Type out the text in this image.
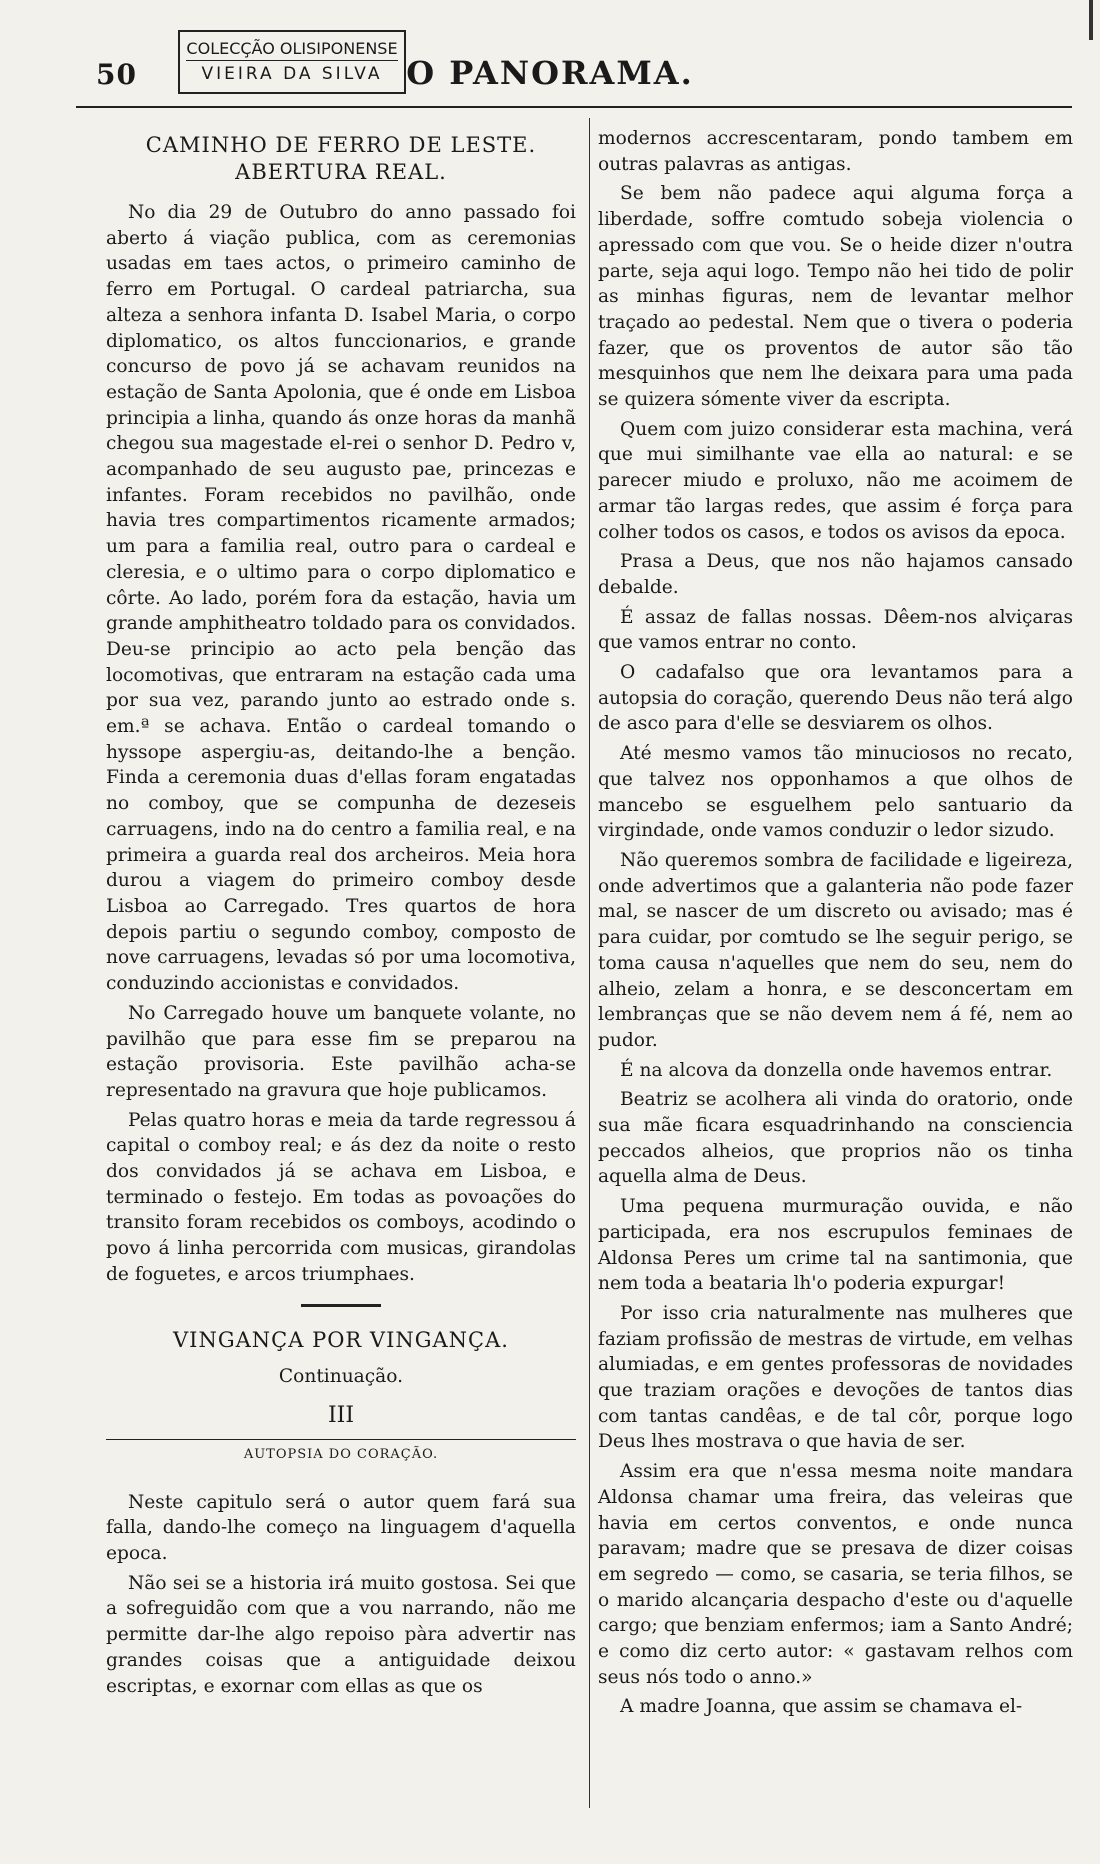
50
COLECÇÃO OLISIPONENSE
VIEIRA DA SILVA O PANORAMA.
CAMINHO DE FERRO DE LESTE.
ABERTURA REAL.

No dia 29 de Outubro do anno passado foi aberto á viação publica, com as ceremonias usadas em taes actos, o primeiro caminho de ferro em Portugal. O cardeal patriarcha, sua alteza a senhora infanta D. Isabel Maria, o corpo diplomatico, os altos funccionarios, e grande concurso de povo já se achavam reunidos na estação de Santa Apolonia, que é onde em Lisboa principia a linha, quando ás onze horas da manhã chegou sua magestade el-rei o senhor D. Pedro v, acompanhado de seu augusto pae, princezas e infantes. Foram recebidos no pavilhão, onde havia tres compartimentos ricamente armados; um para a familia real, outro para o cardeal e cleresia, e o ultimo para o corpo diplomatico e côrte. Ao lado, porém fora da estação, havia um grande amphitheatro toldado para os convidados. Deu-se principio ao acto pela benção das locomotivas, que entraram na estação cada uma por sua vez, parando junto ao estrado onde s. em.ª se achava. Então o cardeal tomando o hyssope aspergiu-as, deitando-lhe a benção. Finda a ceremonia duas d'ellas foram engatadas no comboy, que se compunha de dezeseis carruagens, indo na do centro a familia real, e na primeira a guarda real dos archeiros. Meia hora durou a viagem do primeiro comboy desde Lisboa ao Carregado. Tres quartos de hora depois partiu o segundo comboy, composto de nove carruagens, levadas só por uma locomotiva, conduzindo accionistas e convidados.

No Carregado houve um banquete volante, no pavilhão que para esse fim se preparou na estação provisoria. Este pavilhão acha-se representado na gravura que hoje publicamos.

Pelas quatro horas e meia da tarde regressou á capital o comboy real; e ás dez da noite o resto dos convidados já se achava em Lisboa, e terminado o festejo. Em todas as povoações do transito foram recebidos os comboys, acodindo o povo á linha percorrida com musicas, girandolas de foguetes, e arcos triumphaes.

VINGANÇA POR VINGANÇA.
Continuação.
III
AUTOPSIA DO CORAÇÃO.

Neste capitulo será o autor quem fará sua falla, dando-lhe começo na linguagem d'aquella epoca.

Não sei se a historia irá muito gostosa. Sei que a sofreguidão com que a vou narrando, não me permitte dar-lhe algo repoiso pàra advertir nas grandes coisas que a antiguidade deixou escriptas, e exornar com ellas as que os

modernos accrescentaram, pondo tambem em outras palavras as antigas.

Se bem não padece aqui alguma força a liberdade, soffre comtudo sobeja violencia o apressado com que vou. Se o heide dizer n'outra parte, seja aqui logo. Tempo não hei tido de polir as minhas figuras, nem de levantar melhor traçado ao pedestal. Nem que o tivera o poderia fazer, que os proventos de autor são tão mesquinhos que nem lhe deixara para uma pada se quizera sómente viver da escripta.

Quem com juizo considerar esta machina, verá que mui similhante vae ella ao natural: e se parecer miudo e proluxo, não me acoimem de armar tão largas redes, que assim é força para colher todos os casos, e todos os avisos da epoca.

Prasa a Deus, que nos não hajamos cansado debalde.

É assaz de fallas nossas. Dêem-nos alviçaras que vamos entrar no conto.

O cadafalso que ora levantamos para a autopsia do coração, querendo Deus não terá algo de asco para d'elle se desviarem os olhos.

Até mesmo vamos tão minuciosos no recato, que talvez nos opponhamos a que olhos de mancebo se esguelhem pelo santuario da virgindade, onde vamos conduzir o ledor sizudo.

Não queremos sombra de facilidade e ligeireza, onde advertimos que a galanteria não pode fazer mal, se nascer de um discreto ou avisado; mas é para cuidar, por comtudo se lhe seguir perigo, se toma causa n'aquelles que nem do seu, nem do alheio, zelam a honra, e se desconcertam em lembranças que se não devem nem á fé, nem ao pudor.

É na alcova da donzella onde havemos entrar.

Beatriz se acolhera ali vinda do oratorio, onde sua mãe ficara esquadrinhando na consciencia peccados alheios, que proprios não os tinha aquella alma de Deus.

Uma pequena murmuração ouvida, e não participada, era nos escrupulos feminaes de Aldonsa Peres um crime tal na santimonia, que nem toda a beataria lh'o poderia expurgar!

Por isso cria naturalmente nas mulheres que faziam profissão de mestras de virtude, em velhas alumiadas, e em gentes professoras de novidades que traziam orações e devoções de tantos dias com tantas candêas, e de tal côr, porque logo Deus lhes mostrava o que havia de ser.

Assim era que n'essa mesma noite mandara Aldonsa chamar uma freira, das veleiras que havia em certos conventos, e onde nunca paravam; madre que se presava de dizer coisas em segredo — como, se casaria, se teria filhos, se o marido alcançaria despacho d'este ou d'aquelle cargo; que benziam enfermos; iam a Santo André; e como diz certo autor: « gastavam relhos com seus nós todo o anno.»

A madre Joanna, que assim se chamava el-
